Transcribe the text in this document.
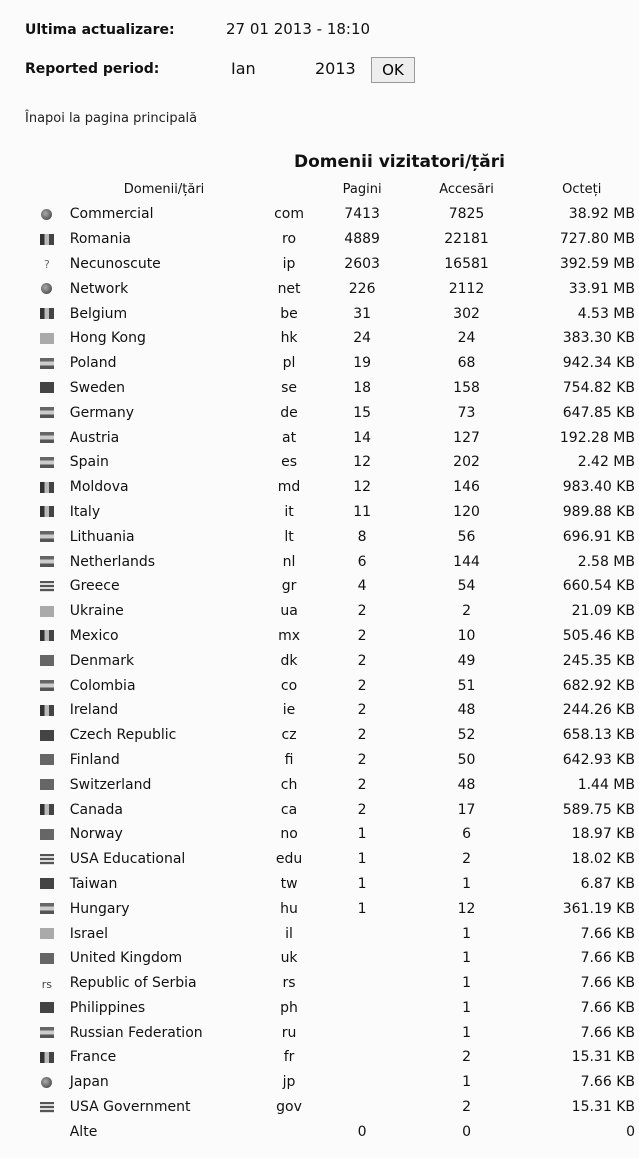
Ultima actualizare:	27 01 2013 - 18:10
Reported period:	Ian	2013	OK
Înapoi la pagina principală
Domenii vizitatori/țări
	Domenii/țări		Pagini	Accesări	Octeți
	Commercial	com	7413	7825	38.92 MB
	Romania	ro	4889	22181	727.80 MB
?	Necunoscute	ip	2603	16581	392.59 MB
	Network	net	226	2112	33.91 MB
	Belgium	be	31	302	4.53 MB
	Hong Kong	hk	24	24	383.30 KB
	Poland	pl	19	68	942.34 KB
	Sweden	se	18	158	754.82 KB
	Germany	de	15	73	647.85 KB
	Austria	at	14	127	192.28 MB
	Spain	es	12	202	2.42 MB
	Moldova	md	12	146	983.40 KB
	Italy	it	11	120	989.88 KB
	Lithuania	lt	8	56	696.91 KB
	Netherlands	nl	6	144	2.58 MB
	Greece	gr	4	54	660.54 KB
	Ukraine	ua	2	2	21.09 KB
	Mexico	mx	2	10	505.46 KB
	Denmark	dk	2	49	245.35 KB
	Colombia	co	2	51	682.92 KB
	Ireland	ie	2	48	244.26 KB
	Czech Republic	cz	2	52	658.13 KB
	Finland	fi	2	50	642.93 KB
	Switzerland	ch	2	48	1.44 MB
	Canada	ca	2	17	589.75 KB
	Norway	no	1	6	18.97 KB
	USA Educational	edu	1	2	18.02 KB
	Taiwan	tw	1	1	6.87 KB
	Hungary	hu	1	12	361.19 KB
	Israel	il		1	7.66 KB
	United Kingdom	uk		1	7.66 KB
rs	Republic of Serbia	rs		1	7.66 KB
	Philippines	ph		1	7.66 KB
	Russian Federation	ru		1	7.66 KB
	France	fr		2	15.31 KB
	Japan	jp		1	7.66 KB
	USA Government	gov		2	15.31 KB
	Alte		0	0	0
